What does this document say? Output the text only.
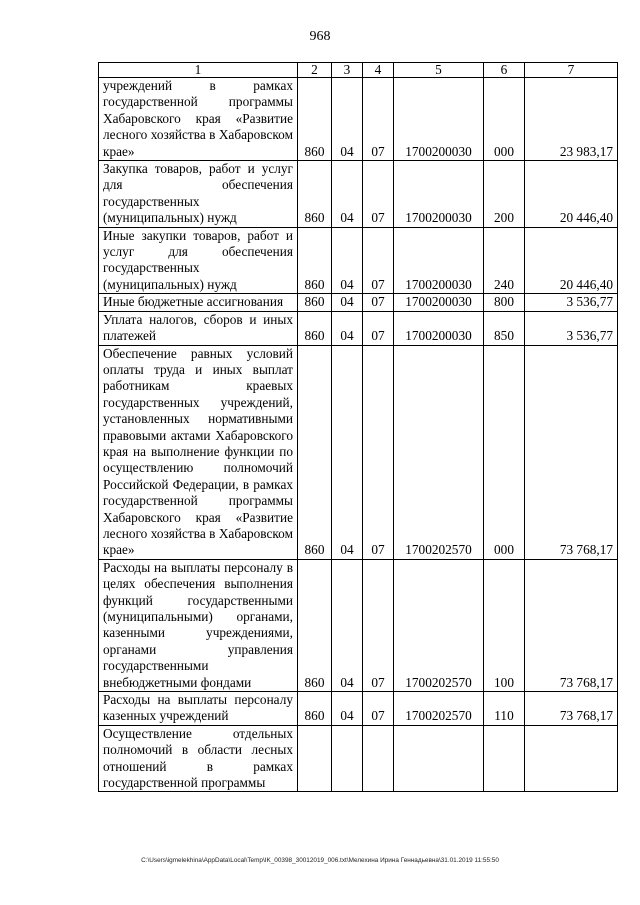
968
1	2	3	4	5	6	7
учреждений в рамках государственной программы Хабаровского края «Развитие лесного хозяйства в Хабаровском крае»	860	04	07	1700200030	000	23 983,17
Закупка товаров, работ и услуг для обеспечения государственных (муниципальных) нужд	860	04	07	1700200030	200	20 446,40
Иные закупки товаров, работ и услуг для обеспечения государственных (муниципальных) нужд	860	04	07	1700200030	240	20 446,40
Иные бюджетные ассигнования	860	04	07	1700200030	800	3 536,77
Уплата налогов, сборов и иных платежей	860	04	07	1700200030	850	3 536,77
Обеспечение равных условий оплаты труда и иных выплат работникам краевых государственных учреждений, установленных нормативными правовыми актами Хабаровского края на выполнение функции по осуществлению полномочий Российской Федерации, в рамках государственной программы Хабаровского края «Развитие лесного хозяйства в Хабаровском крае»	860	04	07	1700202570	000	73 768,17
Расходы на выплаты персоналу в целях обеспечения выполнения функций государственными (муниципальными) органами, казенными учреждениями, органами управления государственными внебюджетными фондами	860	04	07	1700202570	100	73 768,17
Расходы на выплаты персоналу казенных учреждений	860	04	07	1700202570	110	73 768,17
Осуществление отдельных полномочий в области лесных отношений в рамках государственной программы						
C:\Users\igmelekhina\AppData\Local\Temp\IK_00398_30012019_006.txt\Мелехина Ирина Геннадьевна\31.01.2019 11:55:50
